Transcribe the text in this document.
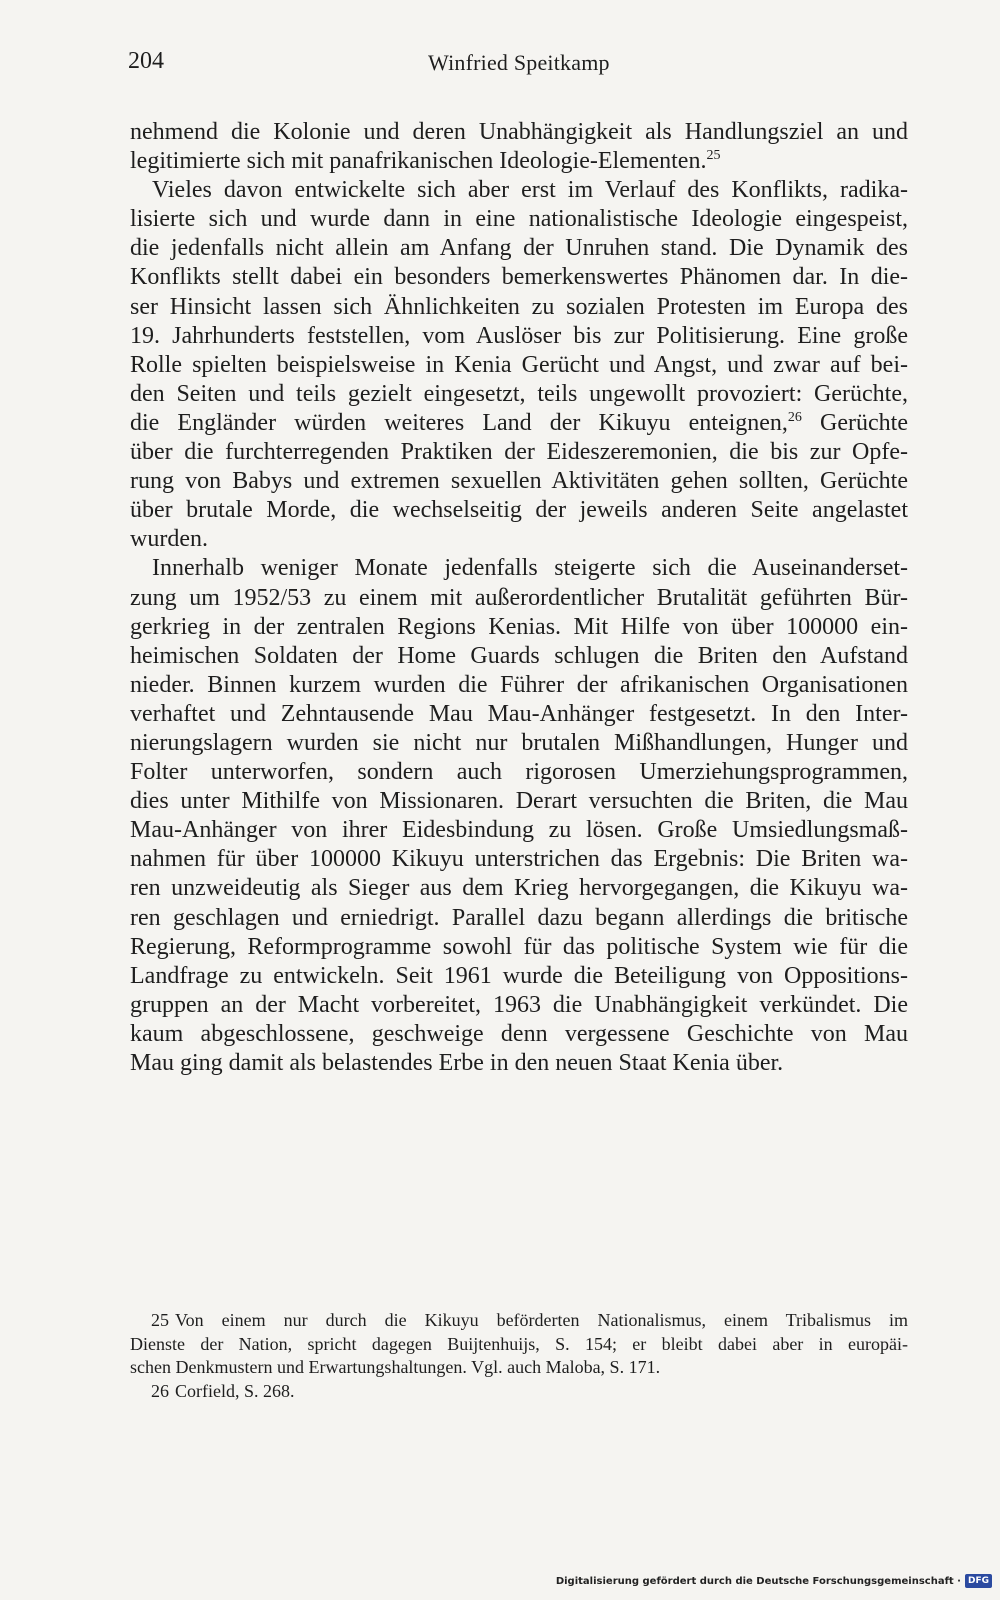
204	Winfried Speitkamp
nehmend die Kolonie und deren Unabhängigkeit als Handlungsziel an und
legitimierte sich mit panafrikanischen Ideologie-Elementen.$^{25}$
Vieles davon entwickelte sich aber erst im Verlauf des Konflikts, radika-
lisierte sich und wurde dann in eine nationalistische Ideologie eingespeist,
die jedenfalls nicht allein am Anfang der Unruhen stand. Die Dynamik des
Konflikts stellt dabei ein besonders bemerkenswertes Phänomen dar. In die-
ser Hinsicht lassen sich Ähnlichkeiten zu sozialen Protesten im Europa des
19. Jahrhunderts feststellen, vom Auslöser bis zur Politisierung. Eine große
Rolle spielten beispielsweise in Kenia Gerücht und Angst, und zwar auf bei-
den Seiten und teils gezielt eingesetzt, teils ungewollt provoziert: Gerüchte,
die Engländer würden weiteres Land der Kikuyu enteignen,$^{26}$ Gerüchte
über die furchterregenden Praktiken der Eideszeremonien, die bis zur Opfe-
rung von Babys und extremen sexuellen Aktivitäten gehen sollten, Gerüchte
über brutale Morde, die wechselseitig der jeweils anderen Seite angelastet
wurden.
Innerhalb weniger Monate jedenfalls steigerte sich die Auseinanderset-
zung um 1952/53 zu einem mit außerordentlicher Brutalität geführten Bür-
gerkrieg in der zentralen Regions Kenias. Mit Hilfe von über 100000 ein-
heimischen Soldaten der Home Guards schlugen die Briten den Aufstand
nieder. Binnen kurzem wurden die Führer der afrikanischen Organisationen
verhaftet und Zehntausende Mau Mau-Anhänger festgesetzt. In den Inter-
nierungslagern wurden sie nicht nur brutalen Mißhandlungen, Hunger und
Folter unterworfen, sondern auch rigorosen Umerziehungsprogrammen,
dies unter Mithilfe von Missionaren. Derart versuchten die Briten, die Mau
Mau-Anhänger von ihrer Eidesbindung zu lösen. Große Umsiedlungsmaß-
nahmen für über 100000 Kikuyu unterstrichen das Ergebnis: Die Briten wa-
ren unzweideutig als Sieger aus dem Krieg hervorgegangen, die Kikuyu wa-
ren geschlagen und erniedrigt. Parallel dazu begann allerdings die britische
Regierung, Reformprogramme sowohl für das politische System wie für die
Landfrage zu entwickeln. Seit 1961 wurde die Beteiligung von Oppositions-
gruppen an der Macht vorbereitet, 1963 die Unabhängigkeit verkündet. Die
kaum abgeschlossene, geschweige denn vergessene Geschichte von Mau
Mau ging damit als belastendes Erbe in den neuen Staat Kenia über.
25 Von einem nur durch die Kikuyu beförderten Nationalismus, einem Tribalismus im
Dienste der Nation, spricht dagegen Buijtenhuijs, S. 154; er bleibt dabei aber in europäi-
schen Denkmustern und Erwartungshaltungen. Vgl. auch Maloba, S. 171.
26 Corfield, S. 268.
Digitalisierung gefördert durch die Deutsche Forschungsgemeinschaft · DFG
